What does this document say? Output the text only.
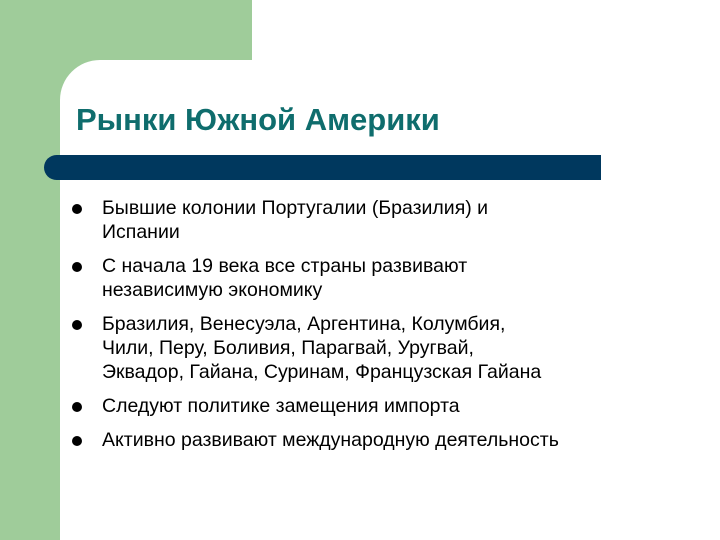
Рынки Южной Америки
Бывшие колонии Португалии (Бразилия) и
Испании
С начала 19 века все страны развивают
независимую экономику
Бразилия, Венесуэла, Аргентина, Колумбия,
Чили, Перу, Боливия, Парагвай, Уругвай,
Эквадор, Гайана, Суринам, Французская Гайана
Следуют политике замещения импорта
Активно развивают международную деятельность
